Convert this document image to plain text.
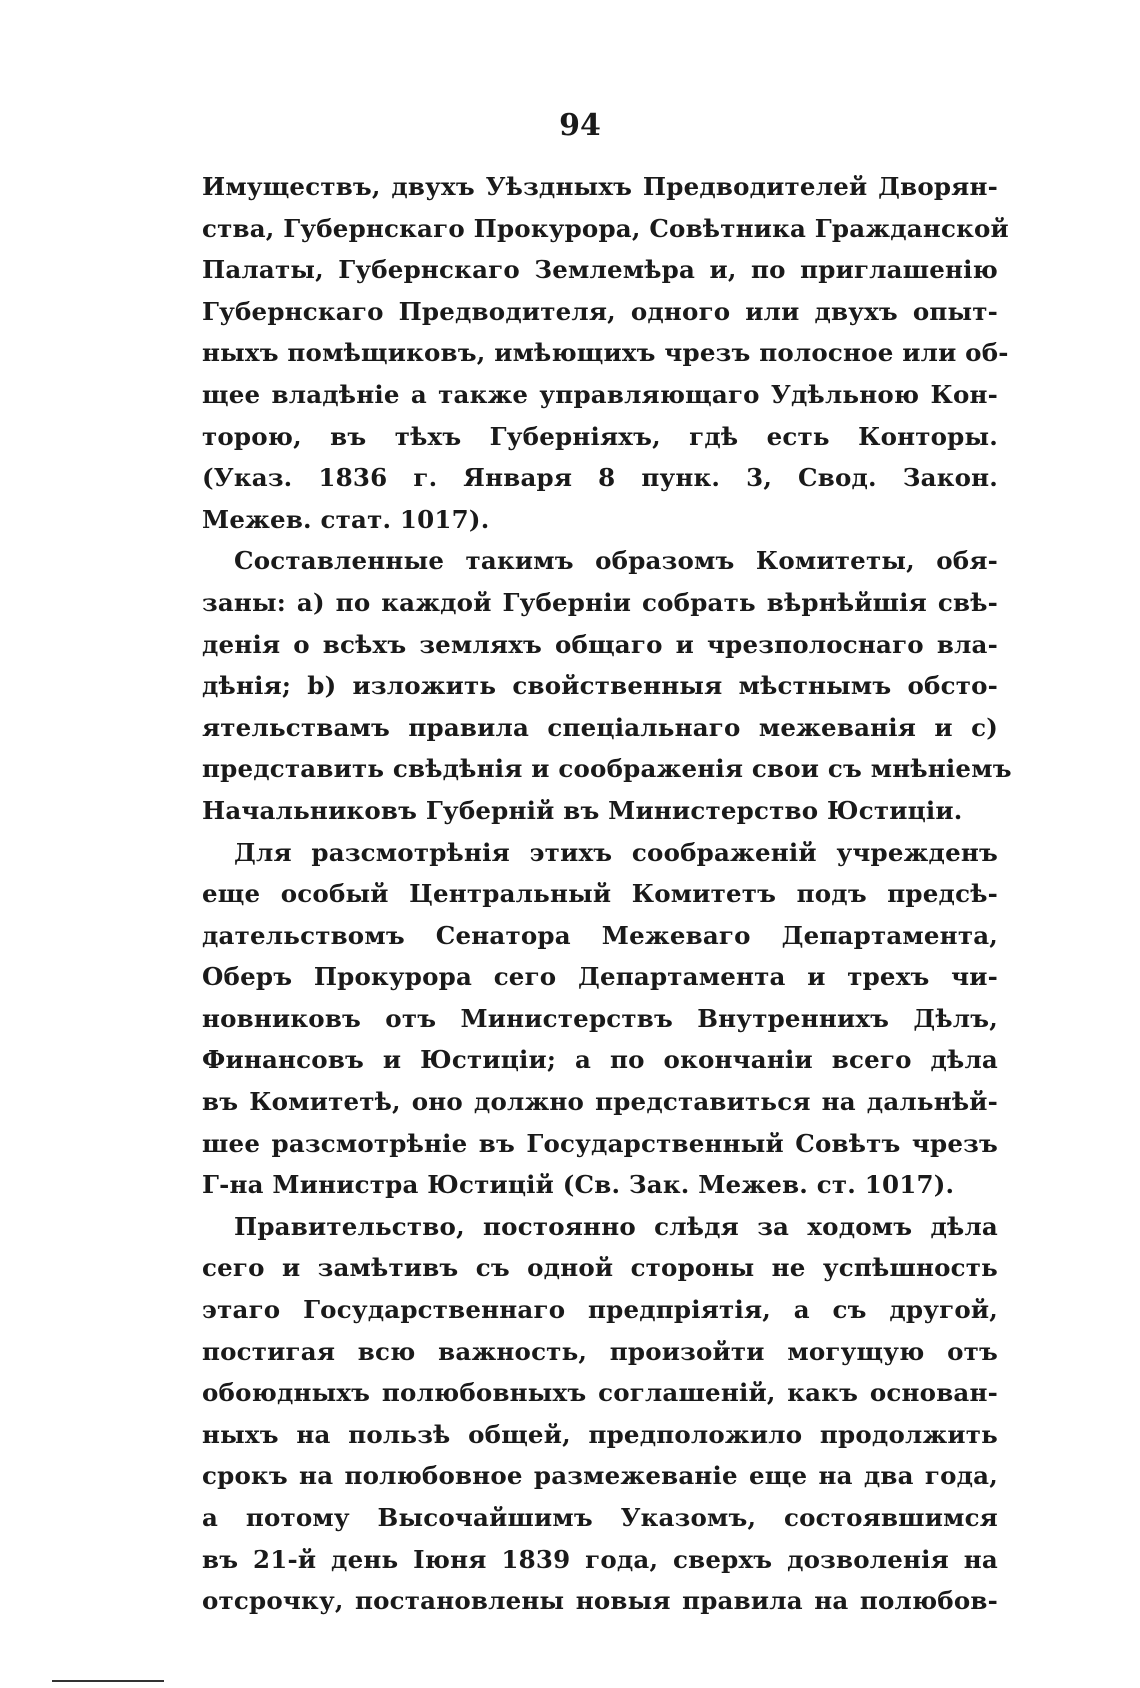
94
Имуществъ, двухъ Уѣздныхъ Предводителей Дворян-
ства, Губернскаго Прокурора, Совѣтника Гражданской
Палаты, Губернскаго Землемѣра и, по приглашенію
Губернскаго Предводителя, одного или двухъ опыт-
ныхъ помѣщиковъ, имѣющихъ чрезъ полосное или об-
щее владѣніе а также управляющаго Удѣльною Кон-
торою, въ тѣхъ Губерніяхъ, гдѣ есть Конторы.
(Указ. 1836 г. Января 8 пунк. 3, Свод. Закон.
Межев. стат. 1017).
Составленные такимъ образомъ Комитеты, обя-
заны: а) по каждой Губерніи собрать вѣрнѣйшія свѣ-
денія о всѣхъ земляхъ общаго и чрезполоснаго вла-
дѣнія; b) изложить свойственныя мѣстнымъ обсто-
ятельствамъ правила спеціальнаго межеванія и с)
представить свѣдѣнія и соображенія свои съ мнѣніемъ
Начальниковъ Губерній въ Министерство Юстиціи.
Для разсмотрѣнія этихъ соображеній учрежденъ
еще особый Центральный Комитетъ подъ предсѣ-
дательствомъ Сенатора Межеваго Департамента,
Оберъ Прокурора сего Департамента и трехъ чи-
новниковъ отъ Министерствъ Внутреннихъ Дѣлъ,
Финансовъ и Юстиціи; а по окончаніи всего дѣла
въ Комитетѣ, оно должно представиться на дальнѣй-
шее разсмотрѣніе въ Государственный Совѣтъ чрезъ
Г-на Министра Юстицій (Св. Зак. Межев. ст. 1017).
Правительство, постоянно слѣдя за ходомъ дѣла
сего и замѣтивъ съ одной стороны не успѣшность
этаго Государственнаго предпріятія, а съ другой,
постигая всю важность, произойти могущую отъ
обоюдныхъ полюбовныхъ соглашеній, какъ основан-
ныхъ на пользѣ общей, предположило продолжить
срокъ на полюбовное размежеваніе еще на два года,
а потому Высочайшимъ Указомъ, состоявшимся
въ 21-й день Іюня 1839 года, сверхъ дозволенія на
отсрочку, постановлены новыя правила на полюбов-
